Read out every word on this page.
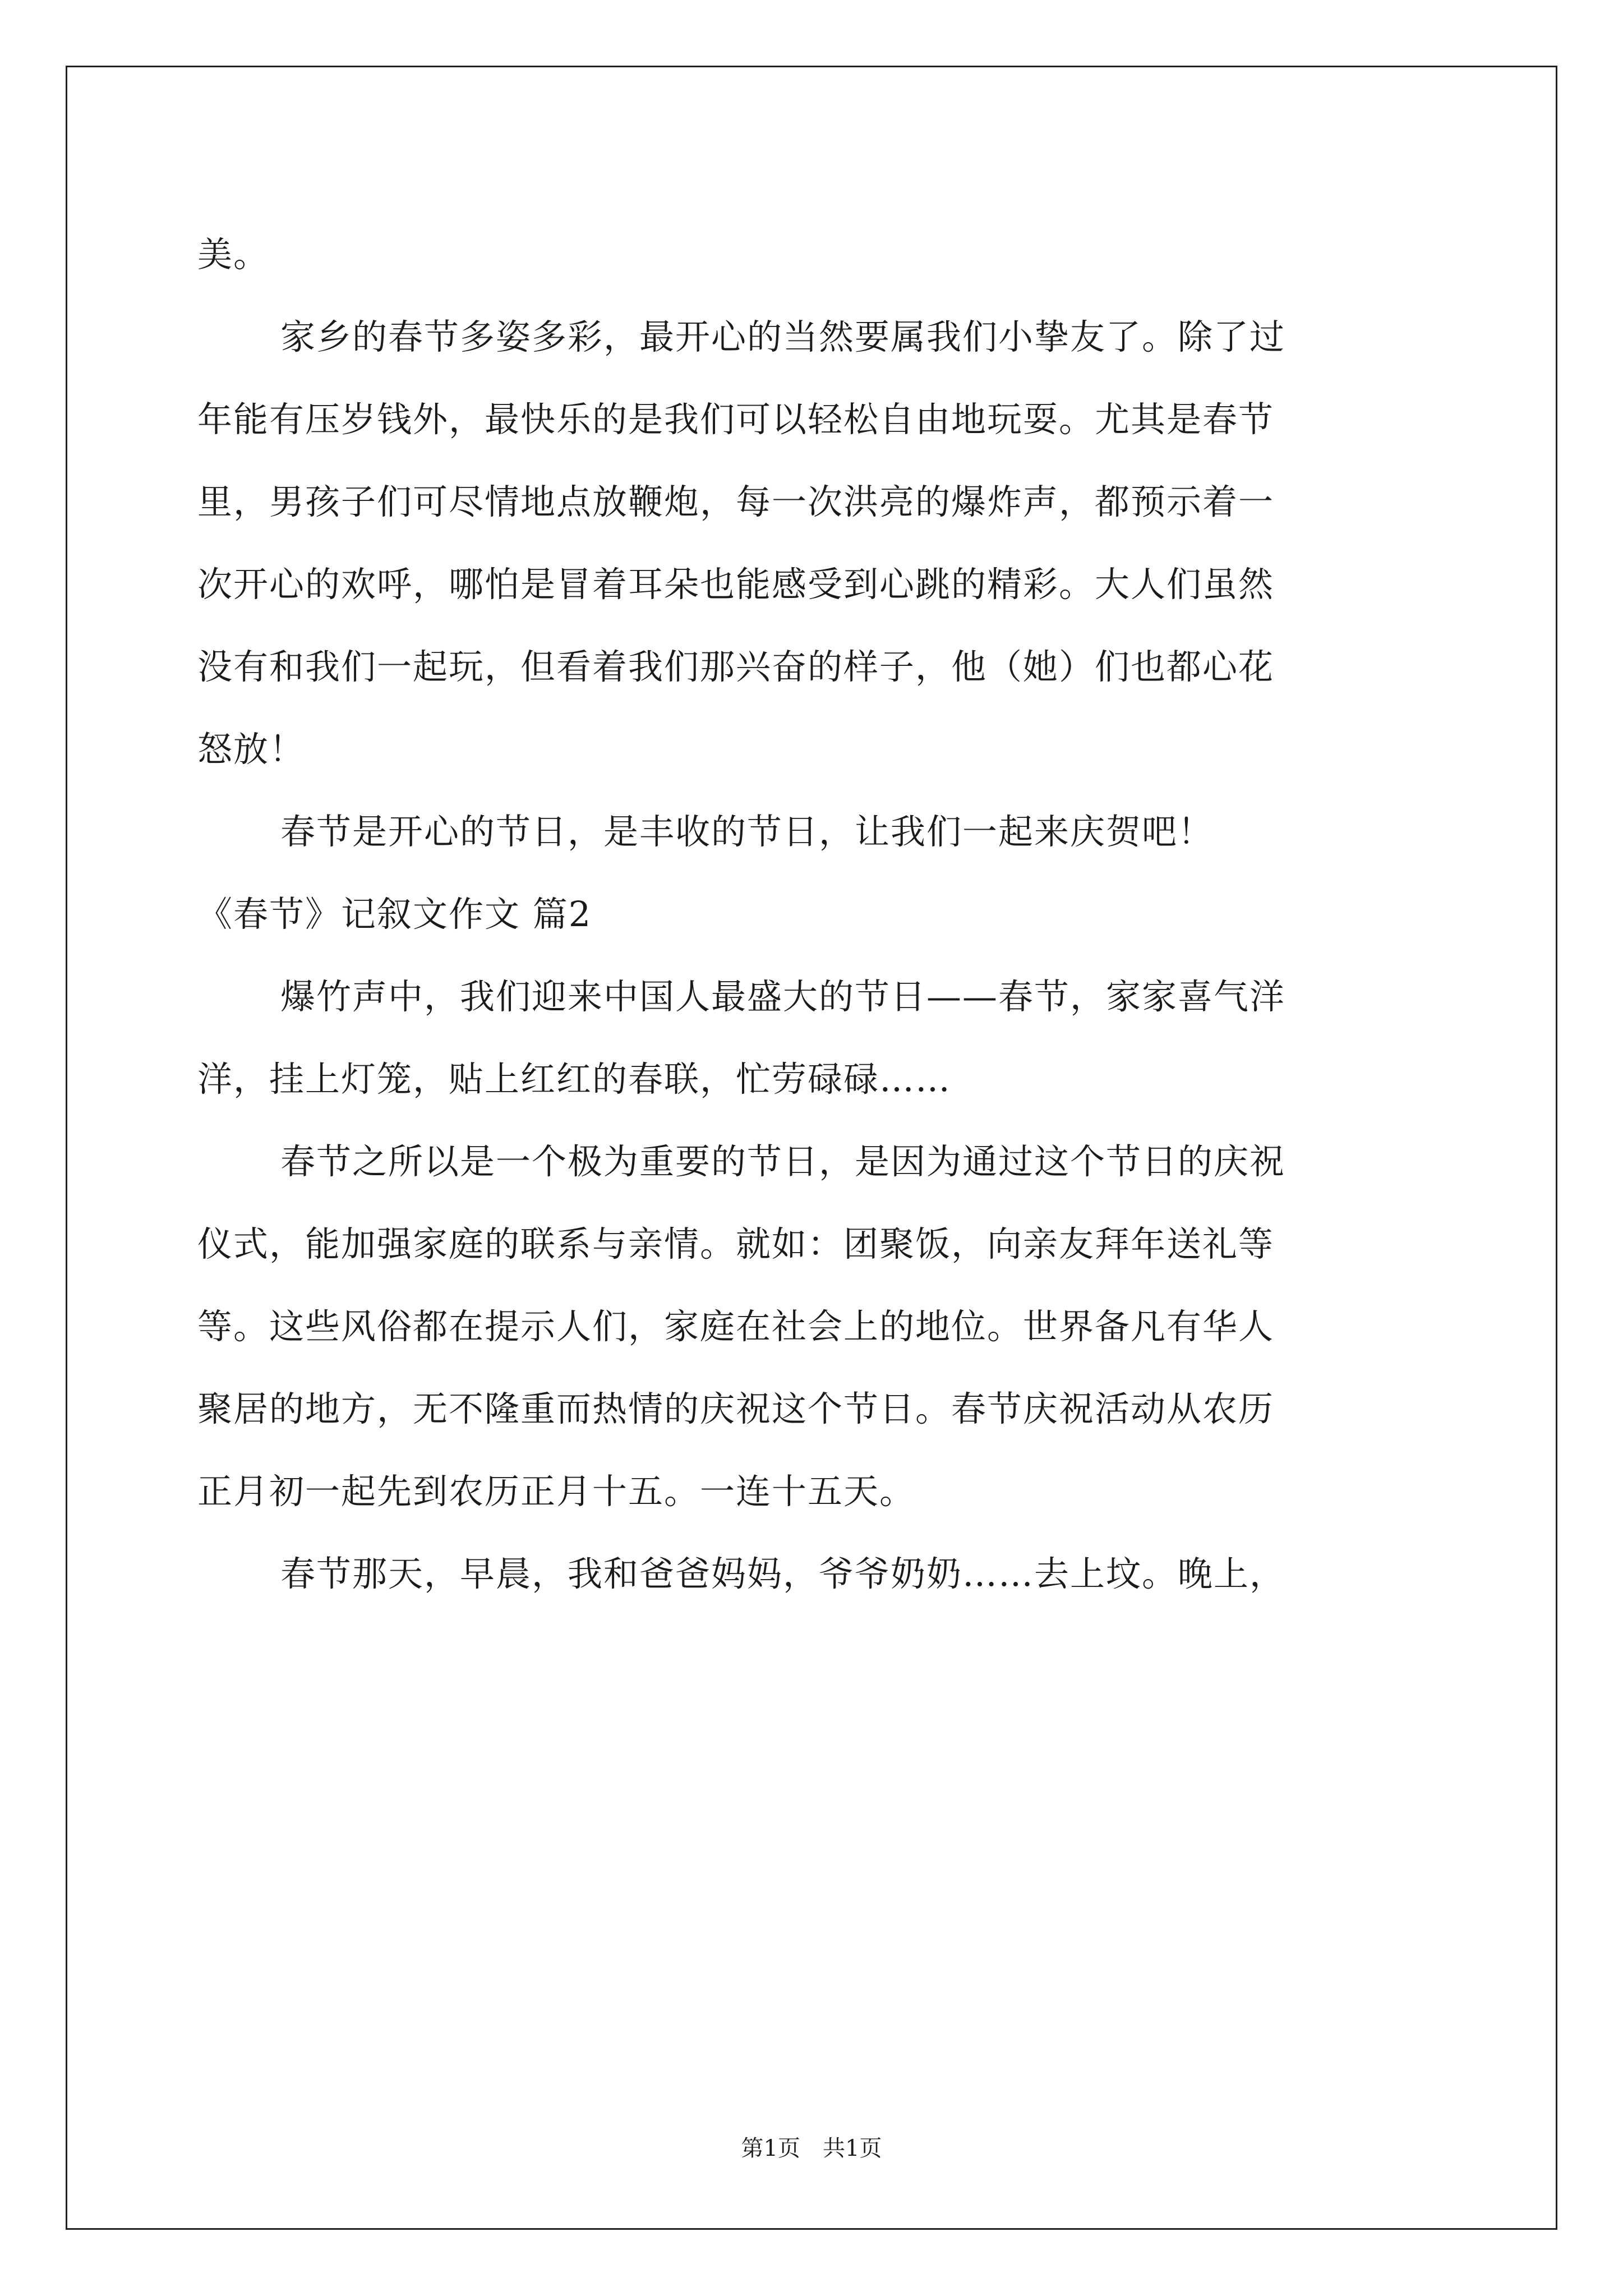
美。
家乡的春节多姿多彩，最开心的当然要属我们小挚友了。除了过
年能有压岁钱外，最快乐的是我们可以轻松自由地玩耍。尤其是春节
里，男孩子们可尽情地点放鞭炮，每一次洪亮的爆炸声，都预示着一
次开心的欢呼，哪怕是冒着耳朵也能感受到心跳的精彩。大人们虽然
没有和我们一起玩，但看着我们那兴奋的样子，他（她）们也都心花
怒放！
春节是开心的节日，是丰收的节日，让我们一起来庆贺吧！
《春节》记叙文作文 篇2
爆竹声中，我们迎来中国人最盛大的节日——春节，家家喜气洋
洋，挂上灯笼，贴上红红的春联，忙劳碌碌……
春节之所以是一个极为重要的节日，是因为通过这个节日的庆祝
仪式，能加强家庭的联系与亲情。就如：团聚饭，向亲友拜年送礼等
等。这些风俗都在提示人们，家庭在社会上的地位。世界备凡有华人
聚居的地方，无不隆重而热情的庆祝这个节日。春节庆祝活动从农历
正月初一起先到农历正月十五。一连十五天。
春节那天，早晨，我和爸爸妈妈，爷爷奶奶……去上坟。晚上，
第1页 共1页
